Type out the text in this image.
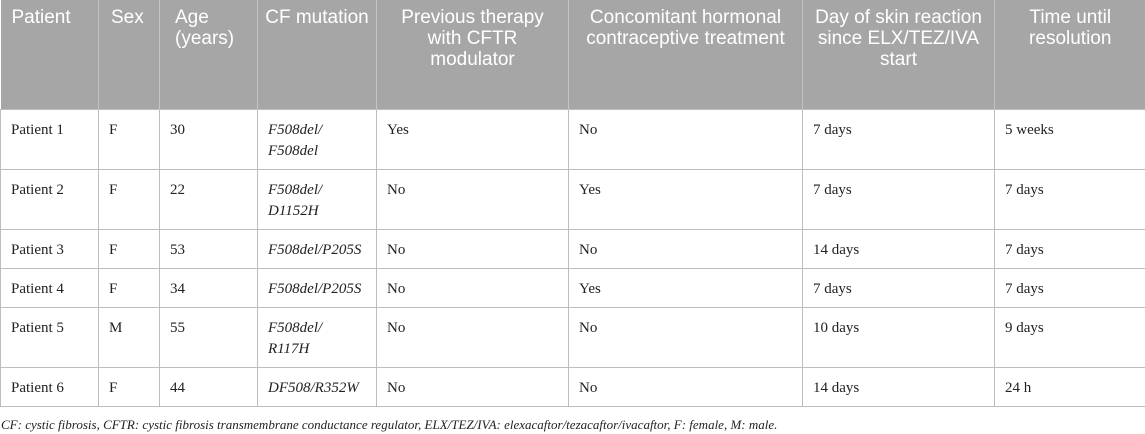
Patient	Sex	Age (years)	CF mutation	Previous therapy with CFTR modulator	Concomitant hormonal contraceptive treatment	Day of skin reaction since ELX/TEZ/IVA start	Time until resolution
Patient 1	F	30	F508del/ F508del	Yes	No	7 days	5 weeks
Patient 2	F	22	F508del/ D1152H	No	Yes	7 days	7 days
Patient 3	F	53	F508del/P205S	No	No	14 days	7 days
Patient 4	F	34	F508del/P205S	No	Yes	7 days	7 days
Patient 5	M	55	F508del/ R117H	No	No	10 days	9 days
Patient 6	F	44	DF508/R352W	No	No	14 days	24 h
CF: cystic fibrosis, CFTR: cystic fibrosis transmembrane conductance regulator, ELX/TEZ/IVA: elexacaftor/tezacaftor/ivacaftor, F: female, M: male.
